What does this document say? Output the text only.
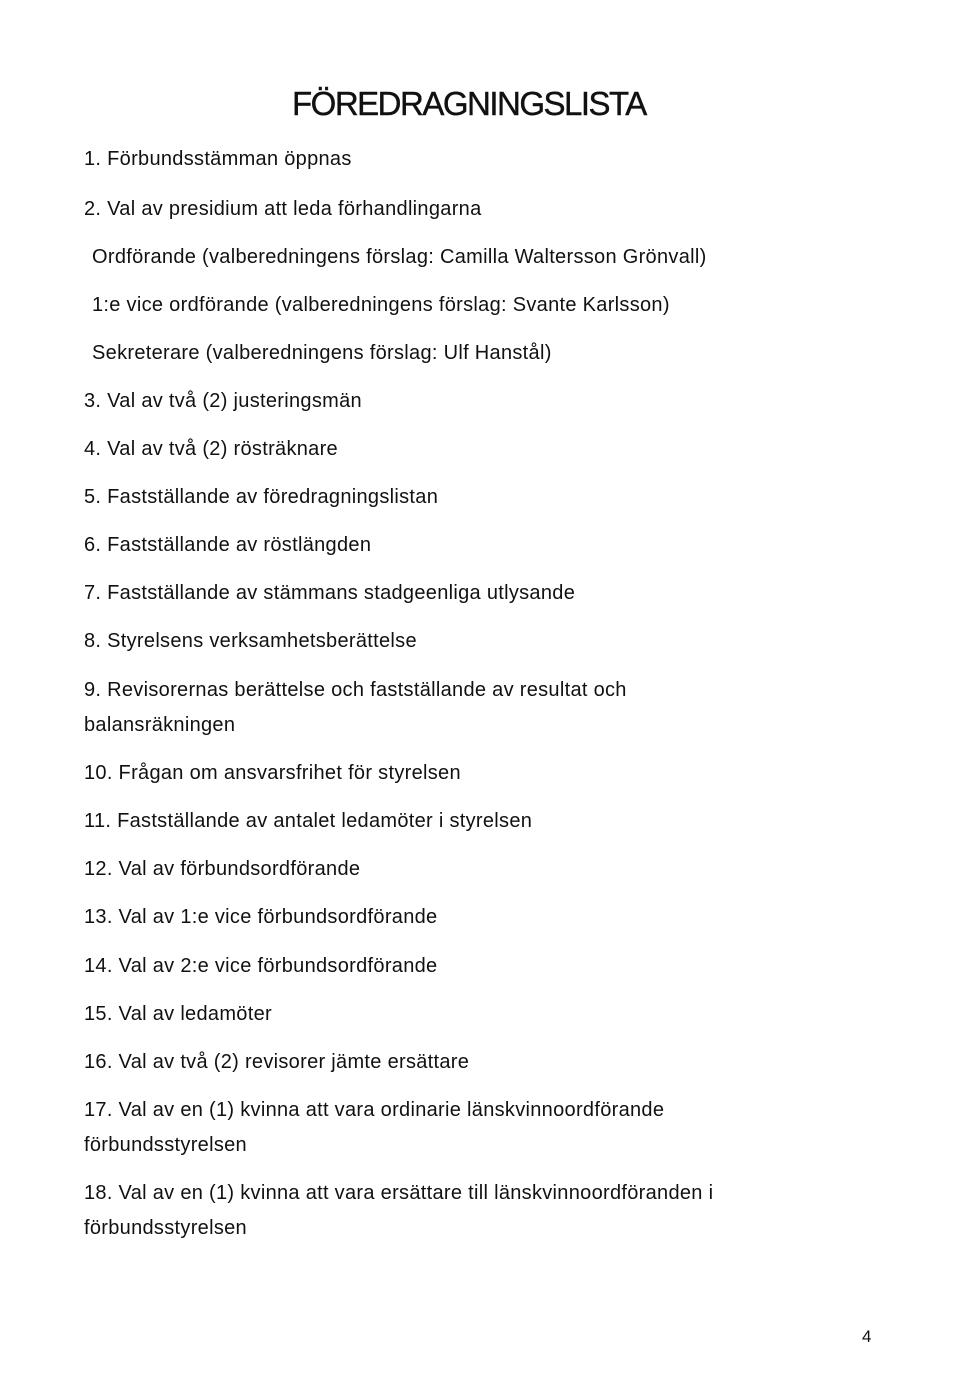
FÖREDRAGNINGSLISTA
1. Förbundsstämman öppnas
2. Val av presidium att leda förhandlingarna
Ordförande (valberedningens förslag: Camilla Waltersson Grönvall)
1:e vice ordförande (valberedningens förslag: Svante Karlsson)
Sekreterare (valberedningens förslag: Ulf Hanstål)
3. Val av två (2) justeringsmän
4. Val av två (2) rösträknare
5. Fastställande av föredragningslistan
6. Fastställande av röstlängden
7. Fastställande av stämmans stadgeenliga utlysande
8. Styrelsens verksamhetsberättelse
9. Revisorernas berättelse och fastställande av resultat och
balansräkningen
10. Frågan om ansvarsfrihet för styrelsen
11. Fastställande av antalet ledamöter i styrelsen
12. Val av förbundsordförande
13. Val av 1:e vice förbundsordförande
14. Val av 2:e vice förbundsordförande
15. Val av ledamöter
16. Val av två (2) revisorer jämte ersättare
17. Val av en (1) kvinna att vara ordinarie länskvinnoordförande
förbundsstyrelsen
18. Val av en (1) kvinna att vara ersättare till länskvinnoordföranden i
förbundsstyrelsen
4
